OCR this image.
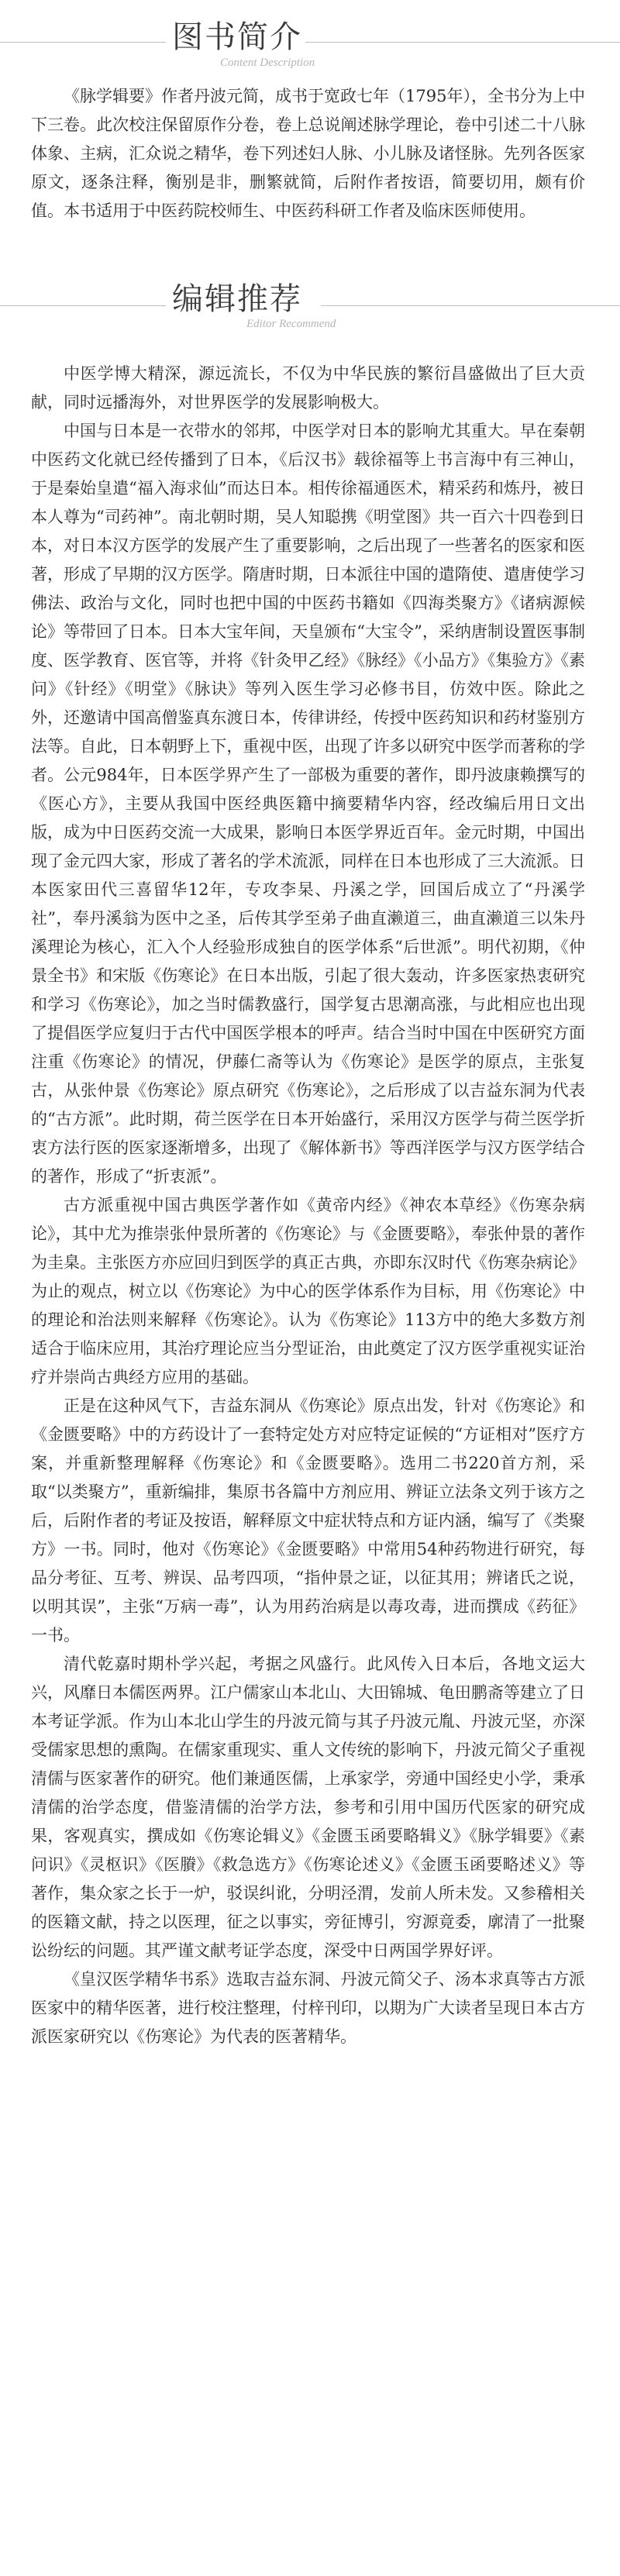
图书简介
Content Description

《脉学辑要》作者丹波元简，成书于宽政七年（1795年），全书分为上中下三卷。此次校注保留原作分卷，卷上总说阐述脉学理论，卷中引述二十八脉体象、主病，汇众说之精华，卷下列述妇人脉、小儿脉及诸怪脉。先列各医家原文，逐条注释，衡别是非，删繁就简，后附作者按语，简要切用，颇有价值。本书适用于中医药院校师生、中医药科研工作者及临床医师使用。

编辑推荐
Editor Recommend

中医学博大精深，源远流长，不仅为中华民族的繁衍昌盛做出了巨大贡献，同时远播海外，对世界医学的发展影响极大。

中国与日本是一衣带水的邻邦，中医学对日本的影响尤其重大。早在秦朝中医药文化就已经传播到了日本，《后汉书》载徐福等上书言海中有三神山，于是秦始皇遣“福入海求仙”而达日本。相传徐福通医术，精采药和炼丹，被日本人尊为“司药神”。南北朝时期，吴人知聪携《明堂图》共一百六十四卷到日本，对日本汉方医学的发展产生了重要影响，之后出现了一些著名的医家和医著，形成了早期的汉方医学。隋唐时期，日本派往中国的遣隋使、遣唐使学习佛法、政治与文化，同时也把中国的中医药书籍如《四海类聚方》《诸病源候论》等带回了日本。日本大宝年间，天皇颁布“大宝令”，采纳唐制设置医事制度、医学教育、医官等，并将《针灸甲乙经》《脉经》《小品方》《集验方》《素问》《针经》《明堂》《脉诀》等列入医生学习必修书目，仿效中医。除此之外，还邀请中国高僧鉴真东渡日本，传律讲经，传授中医药知识和药材鉴别方法等。自此，日本朝野上下，重视中医，出现了许多以研究中医学而著称的学者。公元984年，日本医学界产生了一部极为重要的著作，即丹波康赖撰写的《医心方》，主要从我国中医经典医籍中摘要精华内容，经改编后用日文出版，成为中日医药交流一大成果，影响日本医学界近百年。金元时期，中国出现了金元四大家，形成了著名的学术流派，同样在日本也形成了三大流派。日本医家田代三喜留华12年，专攻李杲、丹溪之学，回国后成立了“丹溪学社”，奉丹溪翁为医中之圣，后传其学至弟子曲直濑道三，曲直濑道三以朱丹溪理论为核心，汇入个人经验形成独自的医学体系“后世派”。明代初期，《仲景全书》和宋版《伤寒论》在日本出版，引起了很大轰动，许多医家热衷研究和学习《伤寒论》，加之当时儒教盛行，国学复古思潮高涨，与此相应也出现了提倡医学应复归于古代中国医学根本的呼声。结合当时中国在中医研究方面注重《伤寒论》的情况，伊藤仁斋等认为《伤寒论》是医学的原点，主张复古，从张仲景《伤寒论》原点研究《伤寒论》，之后形成了以吉益东洞为代表的“古方派”。此时期，荷兰医学在日本开始盛行，采用汉方医学与荷兰医学折衷方法行医的医家逐渐增多，出现了《解体新书》等西洋医学与汉方医学结合的著作，形成了“折衷派”。

古方派重视中国古典医学著作如《黄帝内经》《神农本草经》《伤寒杂病论》，其中尤为推崇张仲景所著的《伤寒论》与《金匮要略》，奉张仲景的著作为圭臬。主张医方亦应回归到医学的真正古典，亦即东汉时代《伤寒杂病论》为止的观点，树立以《伤寒论》为中心的医学体系作为目标，用《伤寒论》中的理论和治法则来解释《伤寒论》。认为《伤寒论》113方中的绝大多数方剂适合于临床应用，其治疗理论应当分型证治，由此奠定了汉方医学重视实证治疗并崇尚古典经方应用的基础。

正是在这种风气下，吉益东洞从《伤寒论》原点出发，针对《伤寒论》和《金匮要略》中的方药设计了一套特定处方对应特定证候的“方证相对”医疗方案，并重新整理解释《伤寒论》和《金匮要略》。选用二书220首方剂，采取“以类聚方”，重新编排，集原书各篇中方剂应用、辨证立法条文列于该方之后，后附作者的考证及按语，解释原文中症状特点和方证内涵，编写了《类聚方》一书。同时，他对《伤寒论》《金匮要略》中常用54种药物进行研究，每品分考征、互考、辨误、品考四项，“指仲景之证，以征其用；辨诸氏之说，以明其误”，主张“万病一毒”，认为用药治病是以毒攻毒，进而撰成《药征》一书。

清代乾嘉时期朴学兴起，考据之风盛行。此风传入日本后，各地文运大兴，风靡日本儒医两界。江户儒家山本北山、大田锦城、龟田鹏斋等建立了日本考证学派。作为山本北山学生的丹波元简与其子丹波元胤、丹波元坚，亦深受儒家思想的熏陶。在儒家重现实、重人文传统的影响下，丹波元简父子重视清儒与医家著作的研究。他们兼通医儒，上承家学，旁通中国经史小学，秉承清儒的治学态度，借鉴清儒的治学方法，参考和引用中国历代医家的研究成果，客观真实，撰成如《伤寒论辑义》《金匮玉函要略辑义》《脉学辑要》《素问识》《灵枢识》《医賸》《救急选方》《伤寒论述义》《金匮玉函要略述义》等著作，集众家之长于一炉，驳误纠讹，分明泾渭，发前人所未发。又参稽相关的医籍文献，持之以医理，征之以事实，旁征博引，穷源竟委，廓清了一批聚讼纷纭的问题。其严谨文献考证学态度，深受中日两国学界好评。

《皇汉医学精华书系》选取吉益东洞、丹波元简父子、汤本求真等古方派医家中的精华医著，进行校注整理，付梓刊印，以期为广大读者呈现日本古方派医家研究以《伤寒论》为代表的医著精华。
